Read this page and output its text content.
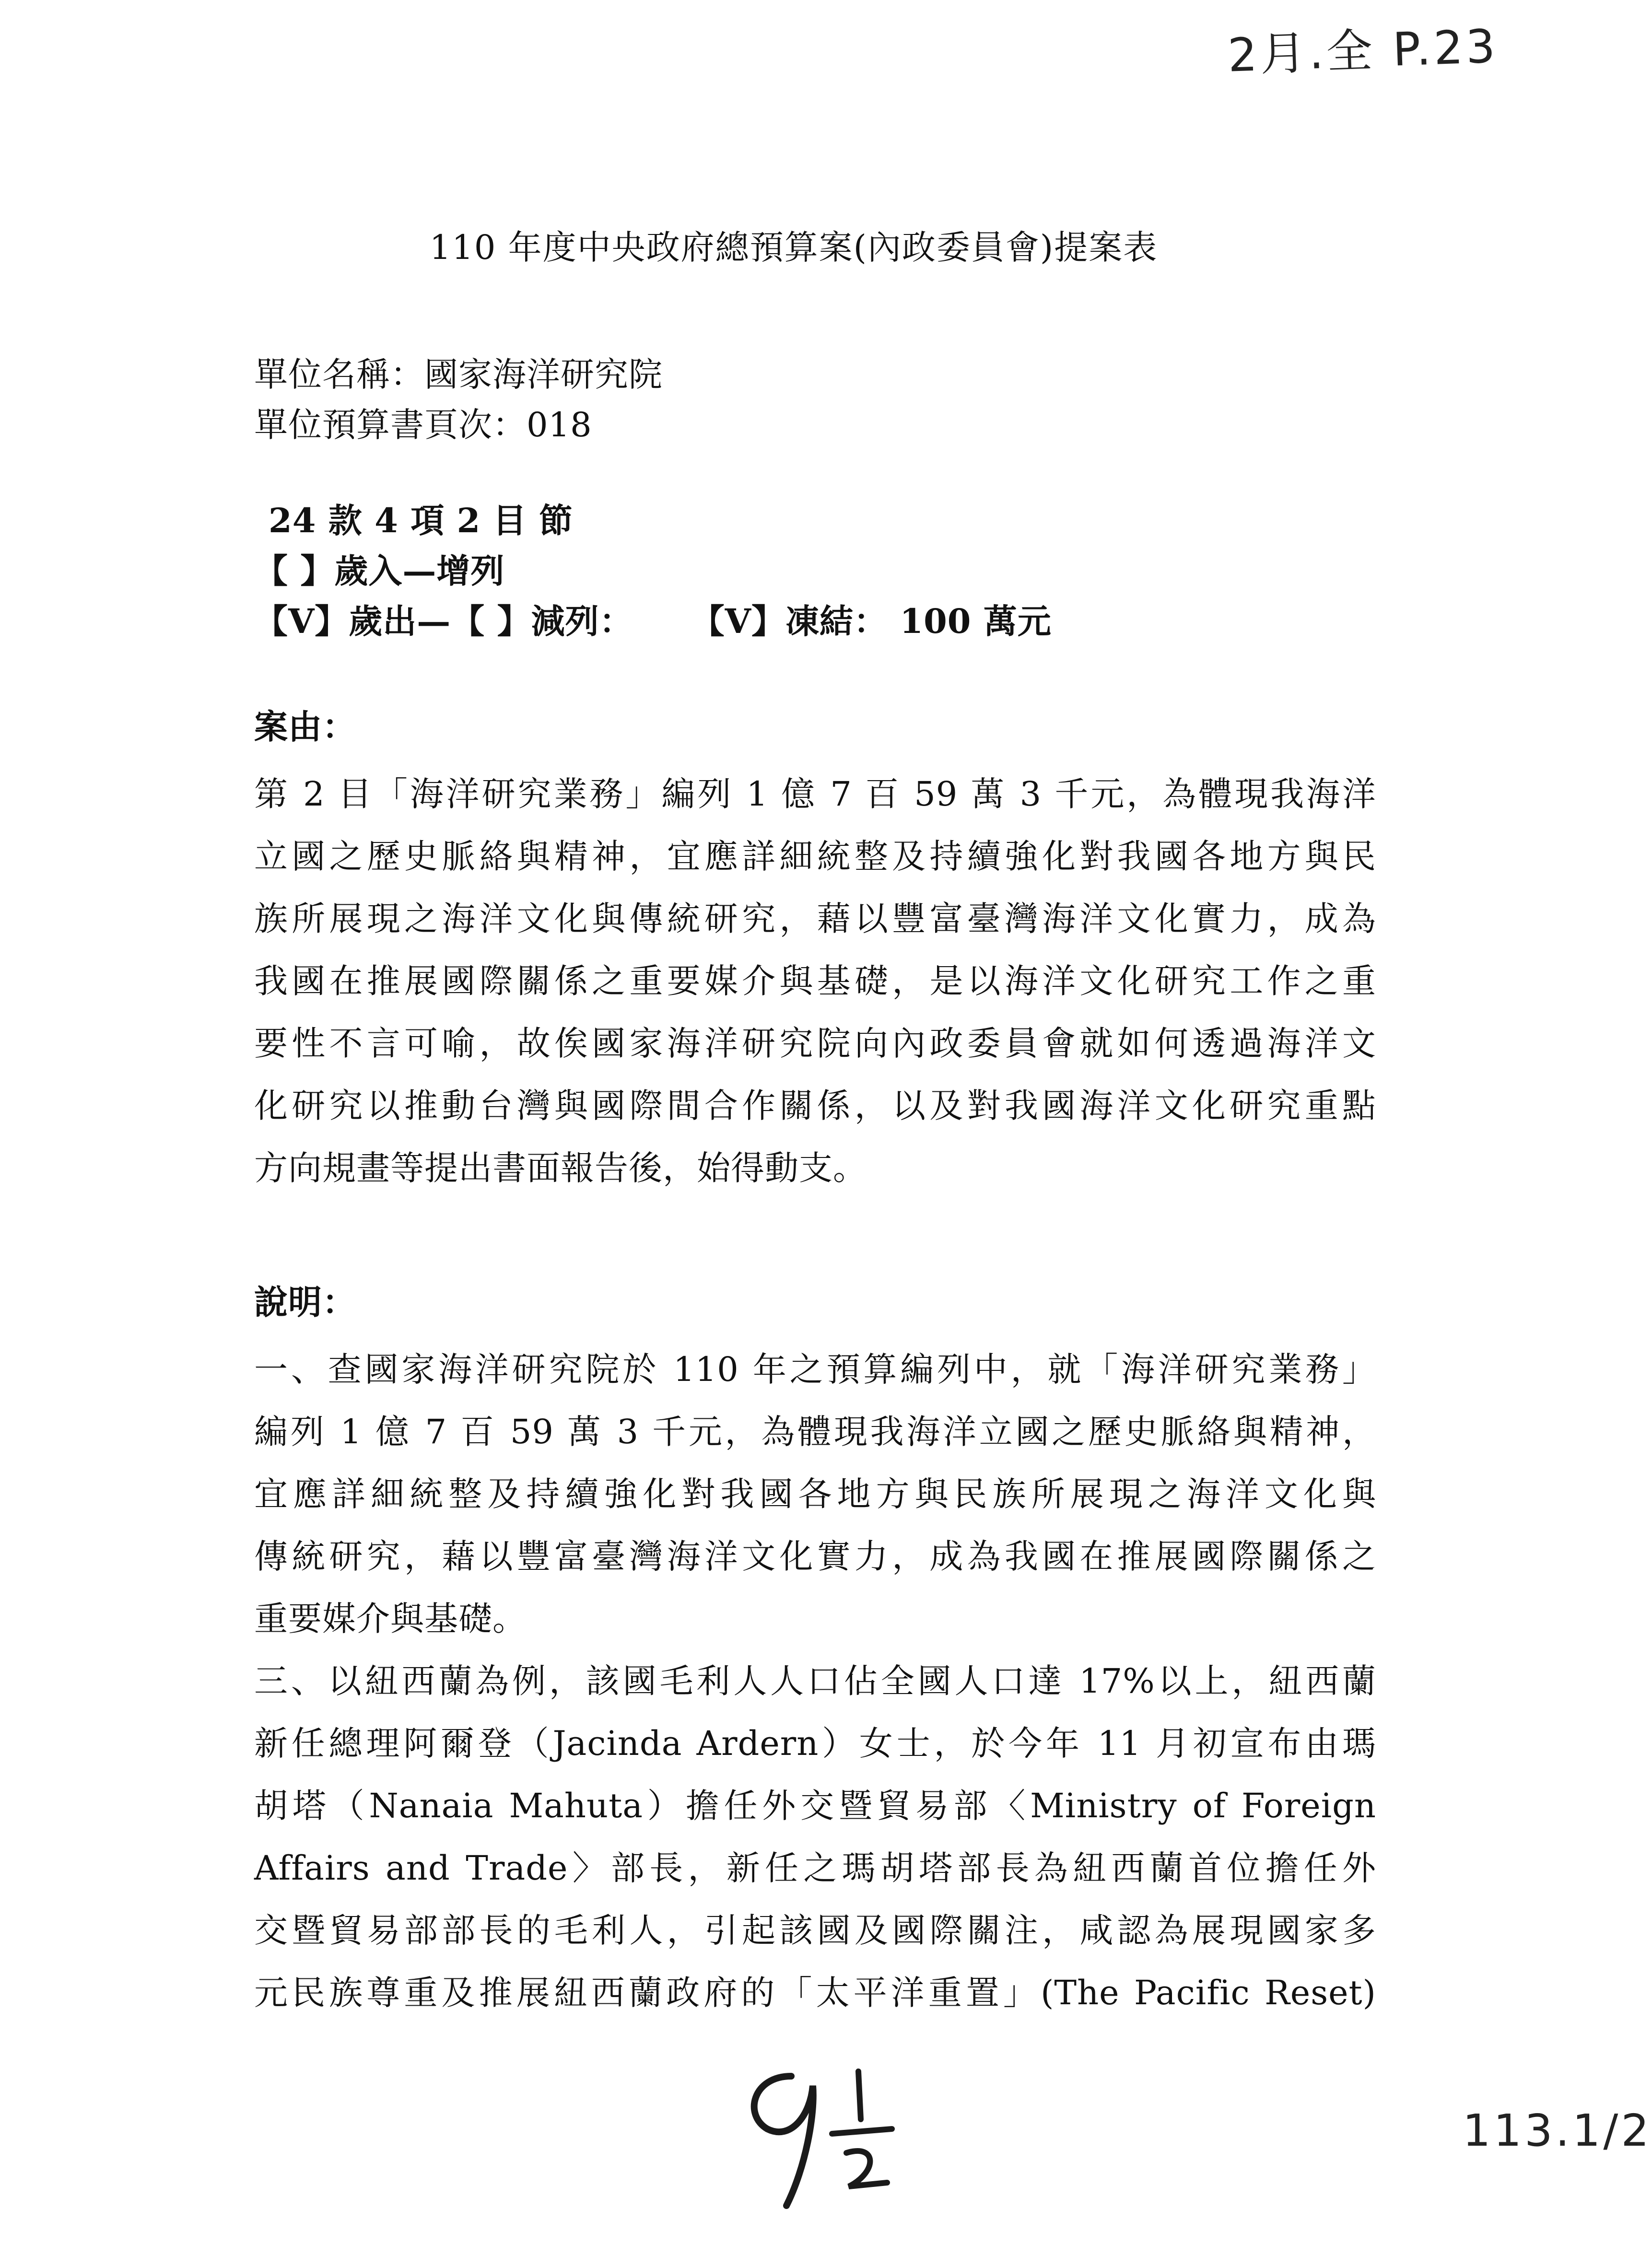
2月.全 P.23
113.1/2
110 年度中央政府總預算案(內政委員會)提案表
單位名稱：國家海洋研究院
單位預算書頁次：018
24 款 4 項 2 目 節
【 】歲入—增列
【V】歲出—【 】減列： 【V】凍結： 100 萬元
案由：
第 2 目「海洋研究業務」編列 1 億 7 百 59 萬 3 千元，為體現我海洋
立國之歷史脈絡與精神，宜應詳細統整及持續強化對我國各地方與民
族所展現之海洋文化與傳統研究，藉以豐富臺灣海洋文化實力，成為
我國在推展國際關係之重要媒介與基礎，是以海洋文化研究工作之重
要性不言可喻，故俟國家海洋研究院向內政委員會就如何透過海洋文
化研究以推動台灣與國際間合作關係，以及對我國海洋文化研究重點
方向規畫等提出書面報告後，始得動支。
說明：
一、查國家海洋研究院於 110 年之預算編列中，就「海洋研究業務」
編列 1 億 7 百 59 萬 3 千元，為體現我海洋立國之歷史脈絡與精神，
宜應詳細統整及持續強化對我國各地方與民族所展現之海洋文化與
傳統研究，藉以豐富臺灣海洋文化實力，成為我國在推展國際關係之
重要媒介與基礎。
三、以紐西蘭為例，該國毛利人人口佔全國人口達 17%以上，紐西蘭
新任總理阿爾登（Jacinda Ardern）女士，於今年 11 月初宣布由瑪
胡塔（Nanaia Mahuta）擔任外交暨貿易部〈Ministry of Foreign
Affairs and Trade〉部長，新任之瑪胡塔部長為紐西蘭首位擔任外
交暨貿易部部長的毛利人，引起該國及國際關注，咸認為展現國家多
元民族尊重及推展紐西蘭政府的「太平洋重置」(The Pacific Reset)
